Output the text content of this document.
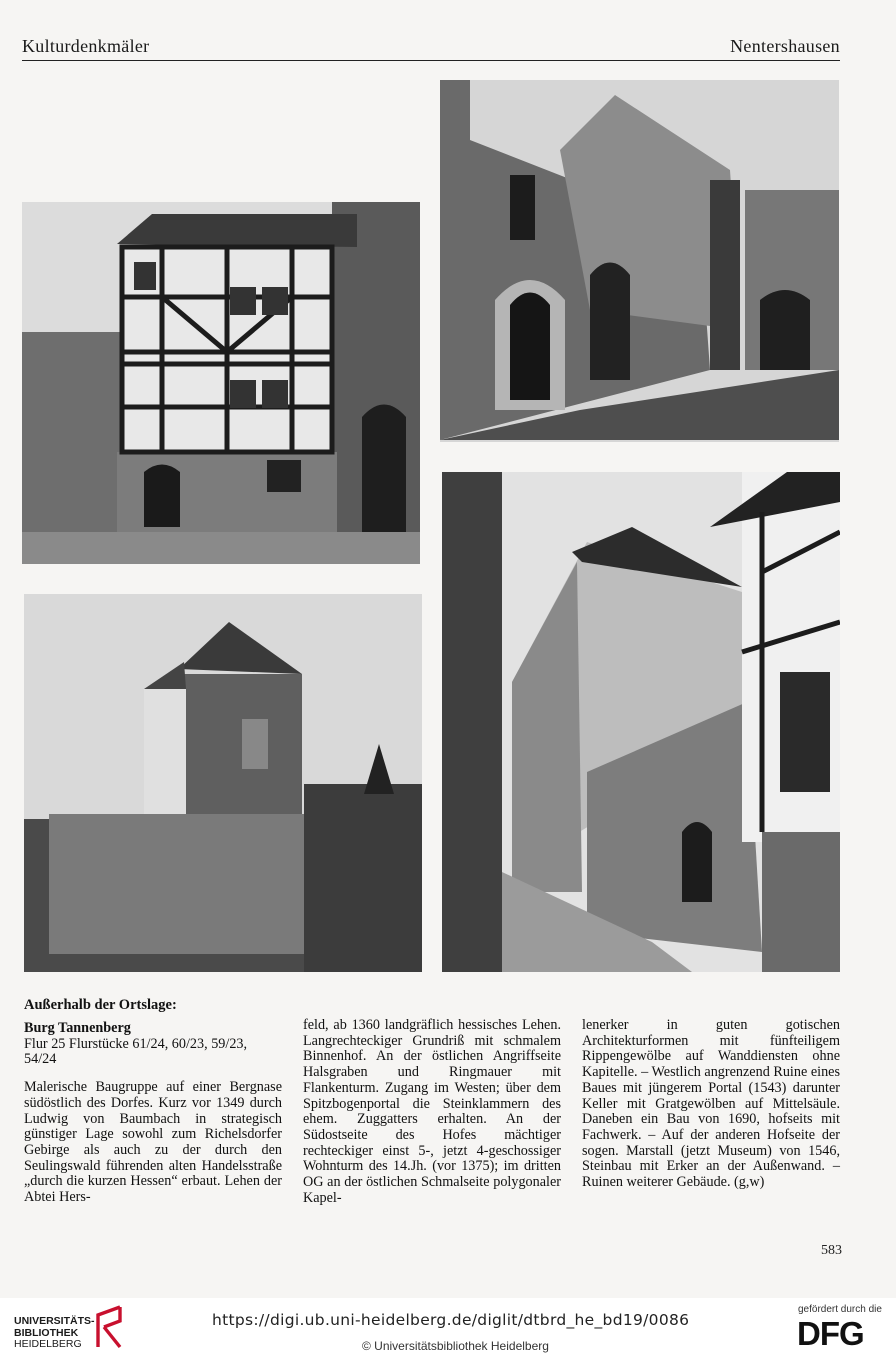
Kulturdenkmäler	Nentershausen
Außerhalb der Ortslage:

Burg Tannenberg

Flur 25 Flurstücke 61/24, 60/23, 59/23, 54/24

Malerische Baugruppe auf einer Bergnase südöstlich des Dorfes. Kurz vor 1349 durch Ludwig von Baumbach in strategisch günstiger Lage sowohl zum Richelsdorfer Gebirge als auch zu der durch den Seulingswald führenden alten Handelsstraße „durch die kurzen Hessen“ erbaut. Lehen der Abtei Hers-

feld, ab 1360 landgräflich hessisches Lehen. Langrechteckiger Grundriß mit schmalem Binnenhof. An der östlichen Angriffseite Halsgraben und Ringmauer mit Flankenturm. Zugang im Westen; über dem Spitzbogenportal die Steinklammern des ehem. Zuggatters erhalten. An der Südostseite des Hofes mächtiger rechteckiger einst 5-, jetzt 4-geschossiger Wohnturm des 14.Jh. (vor 1375); im dritten OG an der östlichen Schmalseite polygonaler Kapel-

lenerker in guten gotischen Architekturformen mit fünfteiligem Rippengewölbe auf Wanddiensten ohne Kapitelle. – Westlich angrenzend Ruine eines Baues mit jüngerem Portal (1543) darunter Keller mit Gratgewölben auf Mittelsäule. Daneben ein Bau von 1690, hofseits mit Fachwerk. – Auf der anderen Hofseite der sogen. Marstall (jetzt Museum) von 1546, Steinbau mit Erker an der Außenwand. – Ruinen weiterer Gebäude. (g,w)

583
UNIVERSITÄTS-
BIBLIOTHEK
HEIDELBERG
https://digi.ub.uni-heidelberg.de/diglit/dtbrd_he_bd19/0086
© Universitätsbibliothek Heidelberg
gefördert durch die
DFG
